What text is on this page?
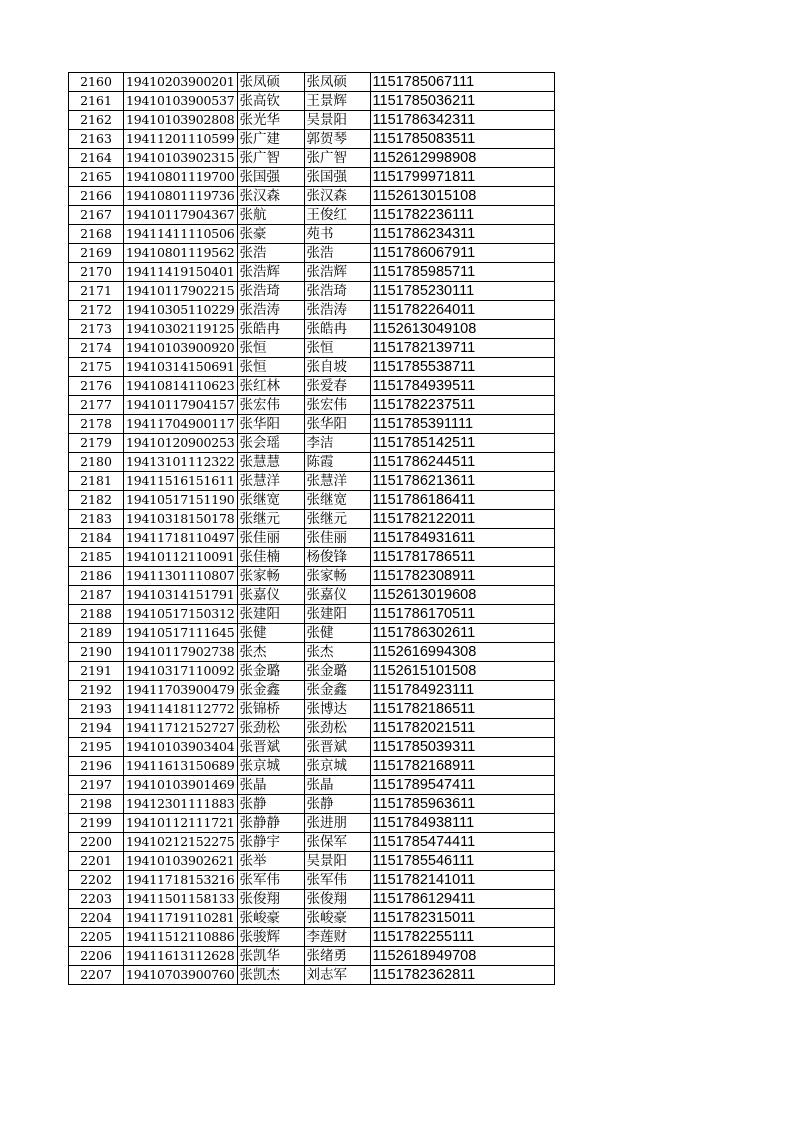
2160	19410203900201	张凤硕	张凤硕	1151785067111
2161	19410103900537	张高钦	王景辉	1151785036211
2162	19410103902808	张光华	吴景阳	1151786342311
2163	19411201110599	张广建	郭贺琴	1151785083511
2164	19410103902315	张广智	张广智	1152612998908
2165	19410801119700	张国强	张国强	1151799971811
2166	19410801119736	张汉森	张汉森	1152613015108
2167	19410117904367	张航	王俊红	1151782236111
2168	19411411110506	张豪	苑书	1151786234311
2169	19410801119562	张浩	张浩	1151786067911
2170	19411419150401	张浩辉	张浩辉	1151785985711
2171	19410117902215	张浩琦	张浩琦	1151785230111
2172	19410305110229	张浩涛	张浩涛	1151782264011
2173	19410302119125	张皓冉	张皓冉	1152613049108
2174	19410103900920	张恒	张恒	1151782139711
2175	19410314150691	张恒	张自坡	1151785538711
2176	19410814110623	张红林	张爱春	1151784939511
2177	19410117904157	张宏伟	张宏伟	1151782237511
2178	19411704900117	张华阳	张华阳	1151785391111
2179	19410120900253	张会瑶	李洁	1151785142511
2180	19413101112322	张慧慧	陈霞	1151786244511
2181	19411516151611	张慧洋	张慧洋	1151786213611
2182	19410517151190	张继宽	张继宽	1151786186411
2183	19410318150178	张继元	张继元	1151782122011
2184	19411718110497	张佳丽	张佳丽	1151784931611
2185	19410112110091	张佳楠	杨俊锋	1151781786511
2186	19411301110807	张家畅	张家畅	1151782308911
2187	19410314151791	张嘉仪	张嘉仪	1152613019608
2188	19410517150312	张建阳	张建阳	1151786170511
2189	19410517111645	张健	张健	1151786302611
2190	19410117902738	张杰	张杰	1152616994308
2191	19410317110092	张金璐	张金璐	1152615101508
2192	19411703900479	张金鑫	张金鑫	1151784923111
2193	19411418112772	张锦桥	张博达	1151782186511
2194	19411712152727	张劲松	张劲松	1151782021511
2195	19410103903404	张晋斌	张晋斌	1151785039311
2196	19411613150689	张京城	张京城	1151782168911
2197	19410103901469	张晶	张晶	1151789547411
2198	19412301111883	张静	张静	1151785963611
2199	19410112111721	张静静	张进朋	1151784938111
2200	19410212152275	张静宇	张保军	1151785474411
2201	19410103902621	张举	吴景阳	1151785546111
2202	19411718153216	张军伟	张军伟	1151782141011
2203	19411501158133	张俊翔	张俊翔	1151786129411
2204	19411719110281	张峻豪	张峻豪	1151782315011
2205	19411512110886	张骏辉	李莲财	1151782255111
2206	19411613112628	张凯华	张绪勇	1152618949708
2207	19410703900760	张凯杰	刘志军	1151782362811
